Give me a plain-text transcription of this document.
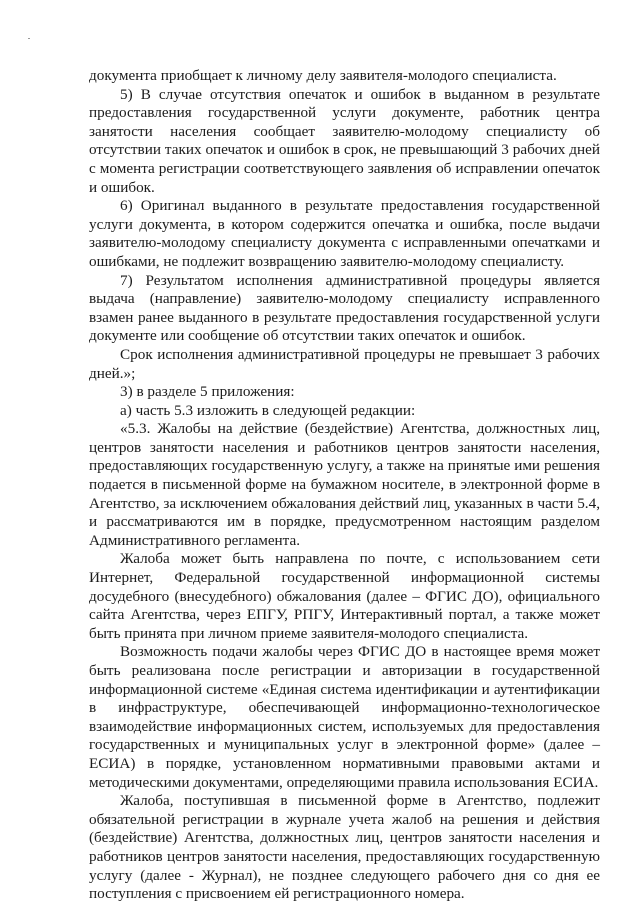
документа приобщает к личному делу заявителя-молодого специалиста.

5) В случае отсутствия опечаток и ошибок в выданном в результате предоставления государственной услуги документе, работник центра занятости населения сообщает заявителю-молодому специалисту об отсутствии таких опечаток и ошибок в срок, не превышающий 3 рабочих дней с момента регистрации соответствующего заявления об исправлении опечаток и ошибок.

6) Оригинал выданного в результате предоставления государственной услуги документа, в котором содержится опечатка и ошибка, после выдачи заявителю-молодому специалисту документа с исправленными опечатками и ошибками, не подлежит возвращению заявителю-молодому специалисту.

7) Результатом исполнения административной процедуры является выдача (направление) заявителю-молодому специалисту исправленного взамен ранее выданного в результате предоставления государственной услуги документе или сообщение об отсутствии таких опечаток и ошибок.

Срок исполнения административной процедуры не превышает 3 рабочих дней.»;

3) в разделе 5 приложения:

а) часть 5.3 изложить в следующей редакции:

«5.3. Жалобы на действие (бездействие) Агентства, должностных лиц, центров занятости населения и работников центров занятости населения, предоставляющих государственную услугу, а также на принятые ими решения подается в письменной форме на бумажном носителе, в электронной форме в Агентство, за исключением обжалования действий лиц, указанных в части 5.4, и рассматриваются им в порядке, предусмотренном настоящим разделом Административного регламента.

Жалоба может быть направлена по почте, с использованием сети Интернет, Федеральной государственной информационной системы досудебного (внесудебного) обжалования (далее – ФГИС ДО), официального сайта Агентства, через ЕПГУ, РПГУ, Интерактивный портал, а также может быть принята при личном приеме заявителя-молодого специалиста.

Возможность подачи жалобы через ФГИС ДО в настоящее время может быть реализована после регистрации и авторизации в государственной информационной системе «Единая система идентификации и аутентификации в инфраструктуре, обеспечивающей информационно-технологическое взаимодействие информационных систем, используемых для предоставления государственных и муниципальных услуг в электронной форме» (далее – ЕСИА) в порядке, установленном нормативными правовыми актами и методическими документами, определяющими правила использования ЕСИА.

Жалоба, поступившая в письменной форме в Агентство, подлежит обязательной регистрации в журнале учета жалоб на решения и действия (бездействие) Агентства, должностных лиц, центров занятости населения и работников центров занятости населения, предоставляющих государственную услугу (далее - Журнал), не позднее следующего рабочего дня со дня ее поступления с присвоением ей регистрационного номера.
